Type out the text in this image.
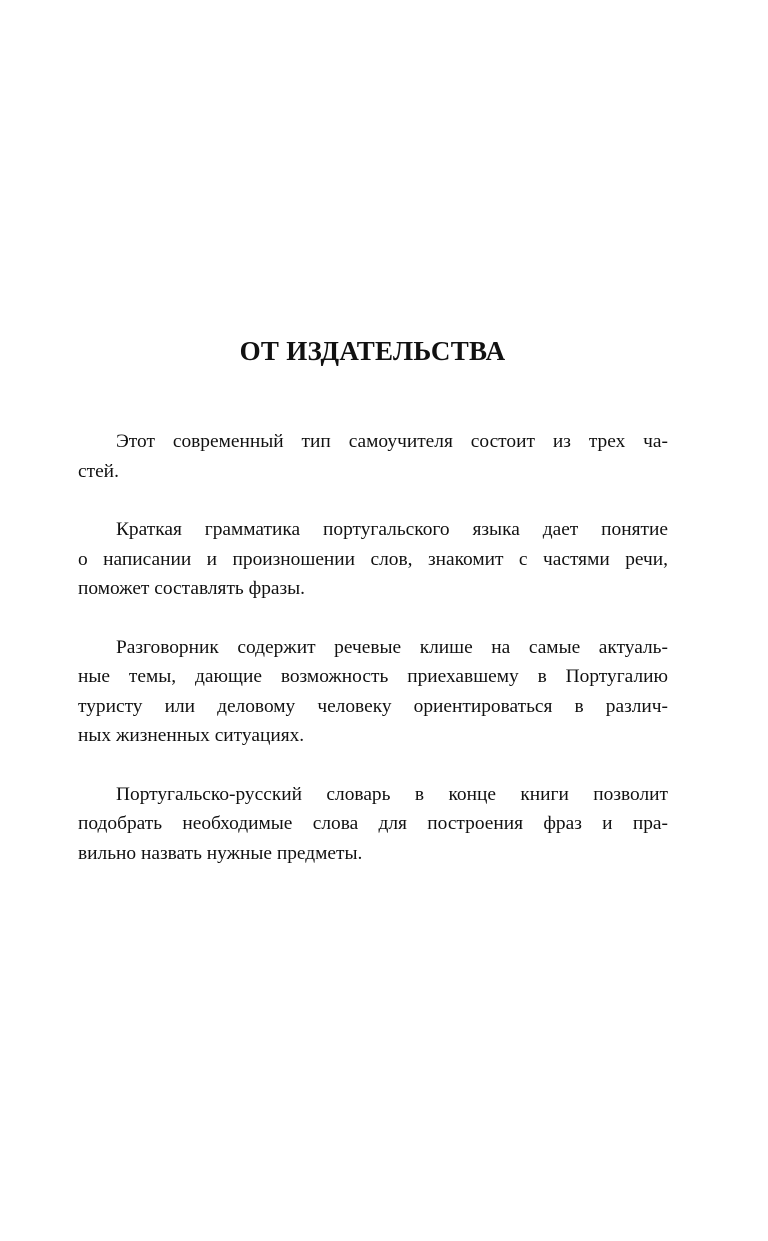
ОТ ИЗДАТЕЛЬСТВА

Этот современный тип самоучителя состоит из трех ча-
стей.

Краткая грамматика португальского языка дает понятие
о написании и произношении слов, знакомит с частями речи,
поможет составлять фразы.

Разговорник содержит речевые клише на самые актуаль-
ные темы, дающие возможность приехавшему в Португалию
туристу или деловому человеку ориентироваться в различ-
ных жизненных ситуациях.

Португальско-русский словарь в конце книги позволит
подобрать необходимые слова для построения фраз и пра-
вильно назвать нужные предметы.
